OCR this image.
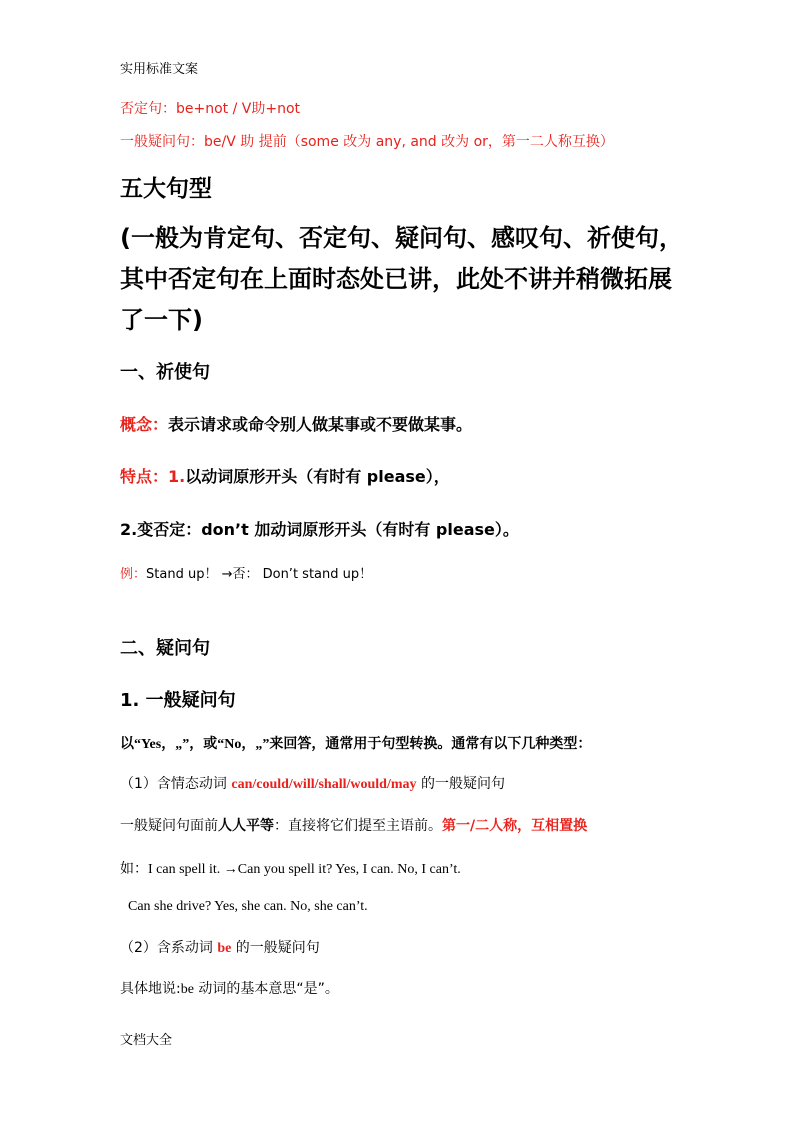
实用标准文案
否定句：be+not / V助+not
一般疑问句：be/V 助 提前（some 改为 any, and 改为 or，第一二人称互换）
五大句型
(一般为肯定句、否定句、疑问句、感叹句、祈使句，其中否定句在上面时态处已讲，此处不讲并稍微拓展了一下)
一、祈使句
概念：表示请求或命令别人做某事或不要做某事。
特点：1.以动词原形开头（有时有 please），
2.变否定：don’t 加动词原形开头（有时有 please）。
例：Stand up！ →否： Don’t stand up！
二、疑问句
1. 一般疑问句
以“Yes，„”，或“No，„”来回答，通常用于句型转换。通常有以下几种类型：
（1）含情态动词 can/could/will/shall/would/may 的一般疑问句
一般疑问句面前人人平等：直接将它们提至主语前。第一/二人称，互相置换
如：I can spell it. →Can you spell it? Yes, I can. No, I can’t.
Can she drive? Yes, she can. No, she can’t.
（2）含系动词 be 的一般疑问句
具体地说:be 动词的基本意思“是”。
文档大全
